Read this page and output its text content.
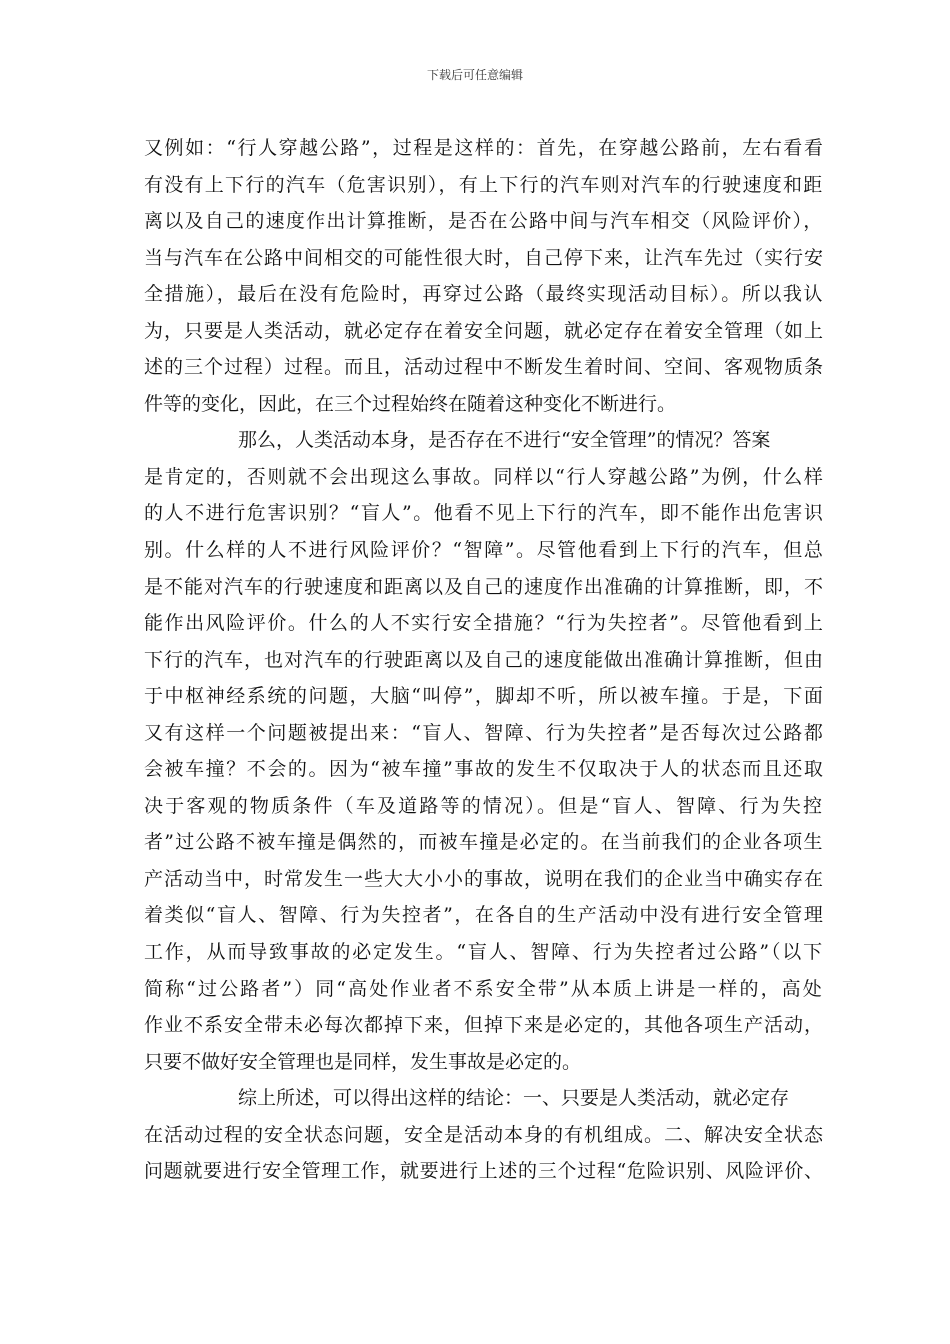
下载后可任意编辑
又例如：“行人穿越公路”，过程是这样的：首先，在穿越公路前，左右看看
有没有上下行的汽车（危害识别），有上下行的汽车则对汽车的行驶速度和距
离以及自己的速度作出计算推断，是否在公路中间与汽车相交（风险评价），
当与汽车在公路中间相交的可能性很大时，自己停下来，让汽车先过（实行安
全措施），最后在没有危险时，再穿过公路（最终实现活动目标）。所以我认
为，只要是人类活动，就必定存在着安全问题，就必定存在着安全管理（如上
述的三个过程）过程。而且，活动过程中不断发生着时间、空间、客观物质条
件等的变化，因此，在三个过程始终在随着这种变化不断进行。
那么，人类活动本身，是否存在不进行“安全管理”的情况？答案
是肯定的，否则就不会出现这么事故。同样以“行人穿越公路”为例，什么样
的人不进行危害识别？“盲人”。他看不见上下行的汽车，即不能作出危害识
别。什么样的人不进行风险评价？“智障”。尽管他看到上下行的汽车，但总
是不能对汽车的行驶速度和距离以及自己的速度作出准确的计算推断，即，不
能作出风险评价。什么的人不实行安全措施？“行为失控者”。尽管他看到上
下行的汽车，也对汽车的行驶距离以及自己的速度能做出准确计算推断，但由
于中枢神经系统的问题，大脑“叫停”，脚却不听，所以被车撞。于是，下面
又有这样一个问题被提出来：“盲人、智障、行为失控者”是否每次过公路都
会被车撞？不会的。因为“被车撞”事故的发生不仅取决于人的状态而且还取
决于客观的物质条件（车及道路等的情况）。但是“盲人、智障、行为失控
者”过公路不被车撞是偶然的，而被车撞是必定的。在当前我们的企业各项生
产活动当中，时常发生一些大大小小的事故，说明在我们的企业当中确实存在
着类似“盲人、智障、行为失控者”，在各自的生产活动中没有进行安全管理
工作，从而导致事故的必定发生。“盲人、智障、行为失控者过公路”（以下
简称“过公路者”）同“高处作业者不系安全带”从本质上讲是一样的，高处
作业不系安全带未必每次都掉下来，但掉下来是必定的，其他各项生产活动，
只要不做好安全管理也是同样，发生事故是必定的。
综上所述，可以得出这样的结论：一、只要是人类活动，就必定存
在活动过程的安全状态问题，安全是活动本身的有机组成。二、解决安全状态
问题就要进行安全管理工作，就要进行上述的三个过程“危险识别、风险评价、
